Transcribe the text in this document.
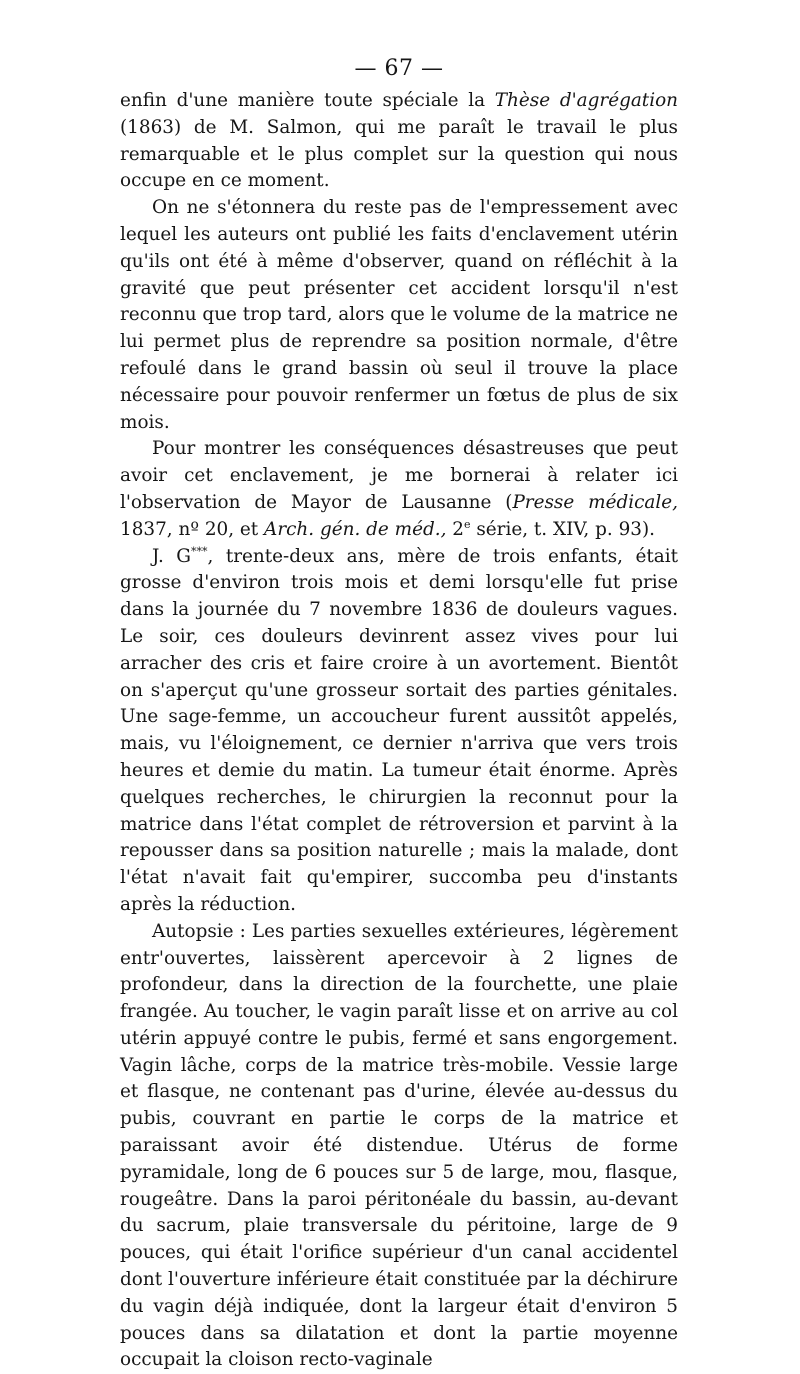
— 67 —

enfin d'une manière toute spéciale la Thèse d'agrégation (1863) de M. Salmon, qui me paraît le travail le plus remarquable et le plus complet sur la question qui nous occupe en ce moment.

On ne s'étonnera du reste pas de l'empressement avec lequel les auteurs ont publié les faits d'enclavement utérin qu'ils ont été à même d'observer, quand on réfléchit à la gravité que peut présenter cet accident lorsqu'il n'est reconnu que trop tard, alors que le volume de la matrice ne lui permet plus de reprendre sa position normale, d'être refoulé dans le grand bassin où seul il trouve la place nécessaire pour pouvoir renfermer un fœtus de plus de six mois.

Pour montrer les conséquences désastreuses que peut avoir cet enclavement, je me bornerai à relater ici l'observation de Mayor de Lausanne (Presse médicale, 1837, nº 20, et Arch. gén. de méd., 2e série, t. XIV, p. 93).

J. G***, trente-deux ans, mère de trois enfants, était grosse d'environ trois mois et demi lorsqu'elle fut prise dans la journée du 7 novembre 1836 de douleurs vagues. Le soir, ces douleurs devinrent assez vives pour lui arracher des cris et faire croire à un avortement. Bientôt on s'aperçut qu'une grosseur sortait des parties génitales. Une sage-femme, un accoucheur furent aussitôt appelés, mais, vu l'éloignement, ce dernier n'arriva que vers trois heures et demie du matin. La tumeur était énorme. Après quelques recherches, le chirurgien la reconnut pour la matrice dans l'état complet de rétroversion et parvint à la repousser dans sa position naturelle ; mais la malade, dont l'état n'avait fait qu'empirer, succomba peu d'instants après la réduction.

Autopsie : Les parties sexuelles extérieures, légèrement entr'ouvertes, laissèrent apercevoir à 2 lignes de profondeur, dans la direction de la fourchette, une plaie frangée. Au toucher, le vagin paraît lisse et on arrive au col utérin appuyé contre le pubis, fermé et sans engorgement. Vagin lâche, corps de la matrice très-mobile. Vessie large et flasque, ne contenant pas d'urine, élevée au-dessus du pubis, couvrant en partie le corps de la matrice et paraissant avoir été distendue. Utérus de forme pyramidale, long de 6 pouces sur 5 de large, mou, flasque, rougeâtre. Dans la paroi péritonéale du bassin, au-devant du sacrum, plaie transversale du péritoine, large de 9 pouces, qui était l'orifice supérieur d'un canal accidentel dont l'ouverture inférieure était constituée par la déchirure du vagin déjà indiquée, dont la largeur était d'environ 5 pouces dans sa dilatation et dont la partie moyenne occupait la cloison recto-vaginale
